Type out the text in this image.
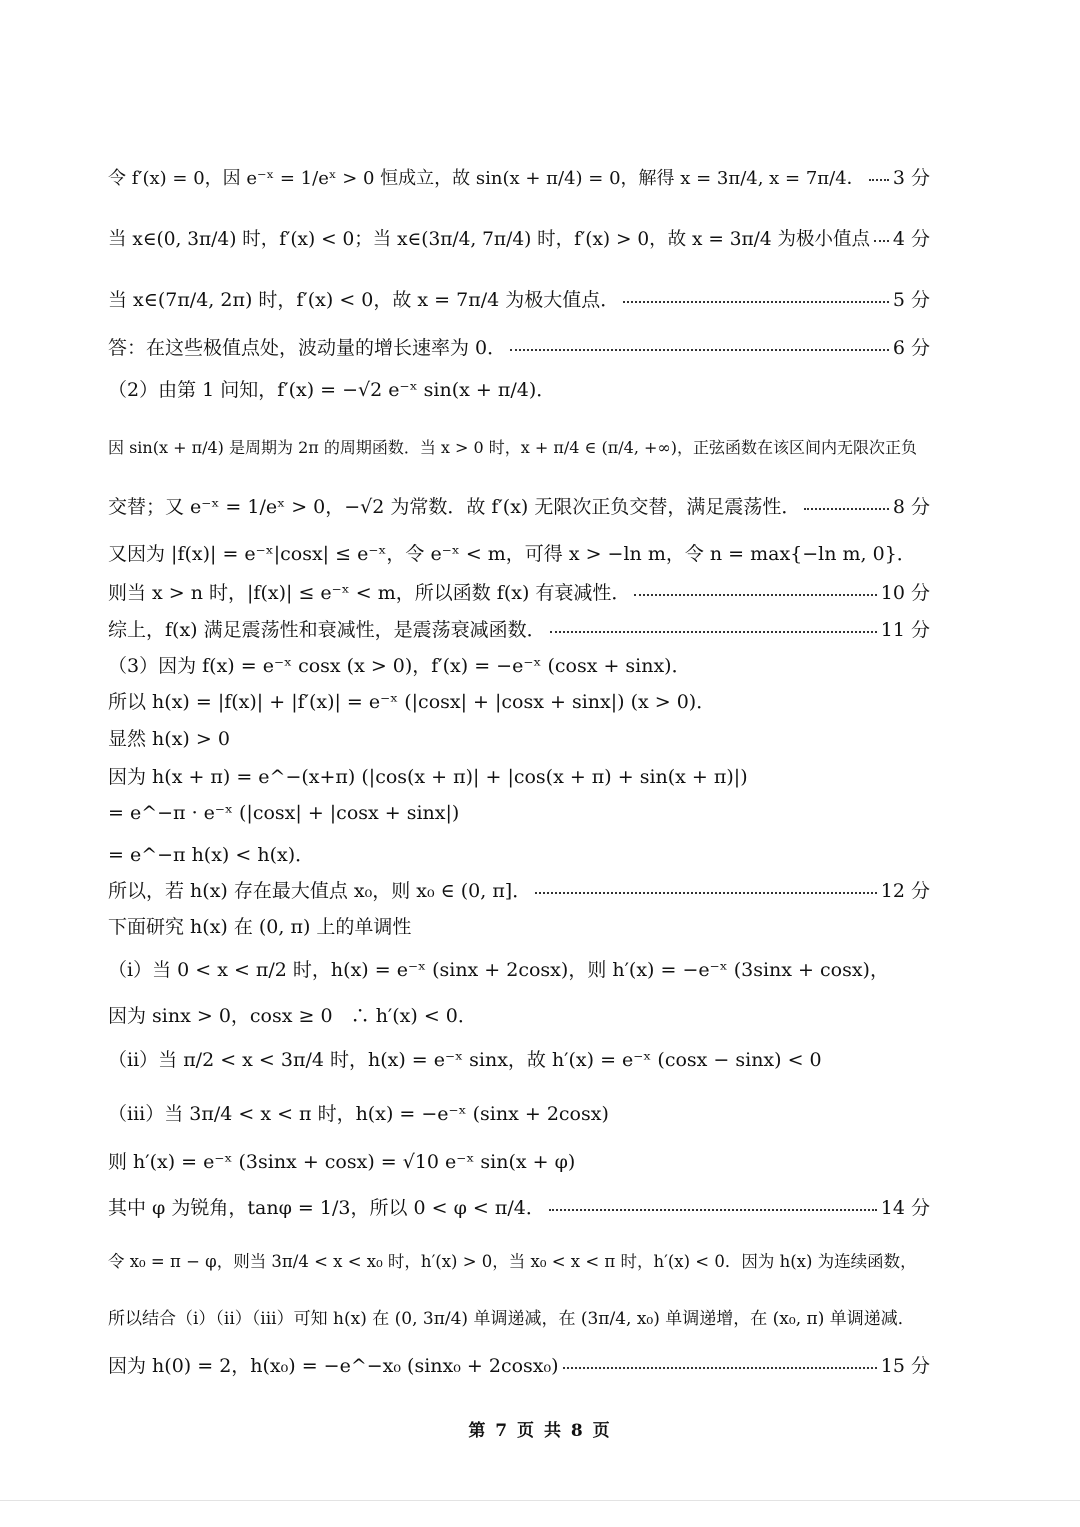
令 f′(x) = 0，因 e⁻ˣ = 1/eˣ > 0 恒成立，故 sin(x + π/4) = 0，解得 x = 3π/4, x = 7π/4． 3 分
当 x∈(0, 3π/4) 时，f′(x) < 0；当 x∈(3π/4, 7π/4) 时，f′(x) > 0，故 x = 3π/4 为极小值点 4 分
当 x∈(7π/4, 2π) 时，f′(x) < 0，故 x = 7π/4 为极大值点．	5 分
答：在这些极值点处，波动量的增长速率为 0．	6 分
（2）由第 1 问知，f′(x) = −√2 e⁻ˣ sin(x + π/4)．
因 sin(x + π/4) 是周期为 2π 的周期函数．当 x > 0 时，x + π/4 ∈ (π/4, +∞)，正弦函数在该区间内无限次正负
交替；又 e⁻ˣ = 1/eˣ > 0，−√2 为常数．故 f′(x) 无限次正负交替，满足震荡性．	8 分
又因为 |f(x)| = e⁻ˣ|cosx| ≤ e⁻ˣ，令 e⁻ˣ < m，可得 x > −ln m，令 n = max{−ln m, 0}．
则当 x > n 时，|f(x)| ≤ e⁻ˣ < m，所以函数 f(x) 有衰减性．	10 分
综上，f(x) 满足震荡性和衰减性，是震荡衰减函数．	11 分
（3）因为 f(x) = e⁻ˣ cosx (x > 0)，f′(x) = −e⁻ˣ (cosx + sinx)．
所以 h(x) = |f(x)| + |f′(x)| = e⁻ˣ (|cosx| + |cosx + sinx|) (x > 0)．
显然 h(x) > 0
因为 h(x + π) = e^−(x+π) (|cos(x + π)| + |cos(x + π) + sin(x + π)|)
= e^−π · e⁻ˣ (|cosx| + |cosx + sinx|)
= e^−π h(x) < h(x)．
所以，若 h(x) 存在最大值点 x₀，则 x₀ ∈ (0, π]．	12 分
下面研究 h(x) 在 (0, π) 上的单调性
（i）当 0 < x < π/2 时，h(x) = e⁻ˣ (sinx + 2cosx)，则 h′(x) = −e⁻ˣ (3sinx + cosx)，
因为 sinx > 0，cosx ≥ 0   ∴ h′(x) < 0．
（ii）当 π/2 < x < 3π/4 时，h(x) = e⁻ˣ sinx，故 h′(x) = e⁻ˣ (cosx − sinx) < 0
（iii）当 3π/4 < x < π 时，h(x) = −e⁻ˣ (sinx + 2cosx)
则 h′(x) = e⁻ˣ (3sinx + cosx) = √10 e⁻ˣ sin(x + φ)
其中 φ 为锐角，tanφ = 1/3，所以 0 < φ < π/4．	14 分
令 x₀ = π − φ，则当 3π/4 < x < x₀ 时，h′(x) > 0，当 x₀ < x < π 时，h′(x) < 0．因为 h(x) 为连续函数，
所以结合（i）（ii）（iii）可知 h(x) 在 (0, 3π/4) 单调递减，在 (3π/4, x₀) 单调递增，在 (x₀, π) 单调递减．
因为 h(0) = 2，h(x₀) = −e^−x₀ (sinx₀ + 2cosx₀)	15 分
第 7 页 共 8 页
